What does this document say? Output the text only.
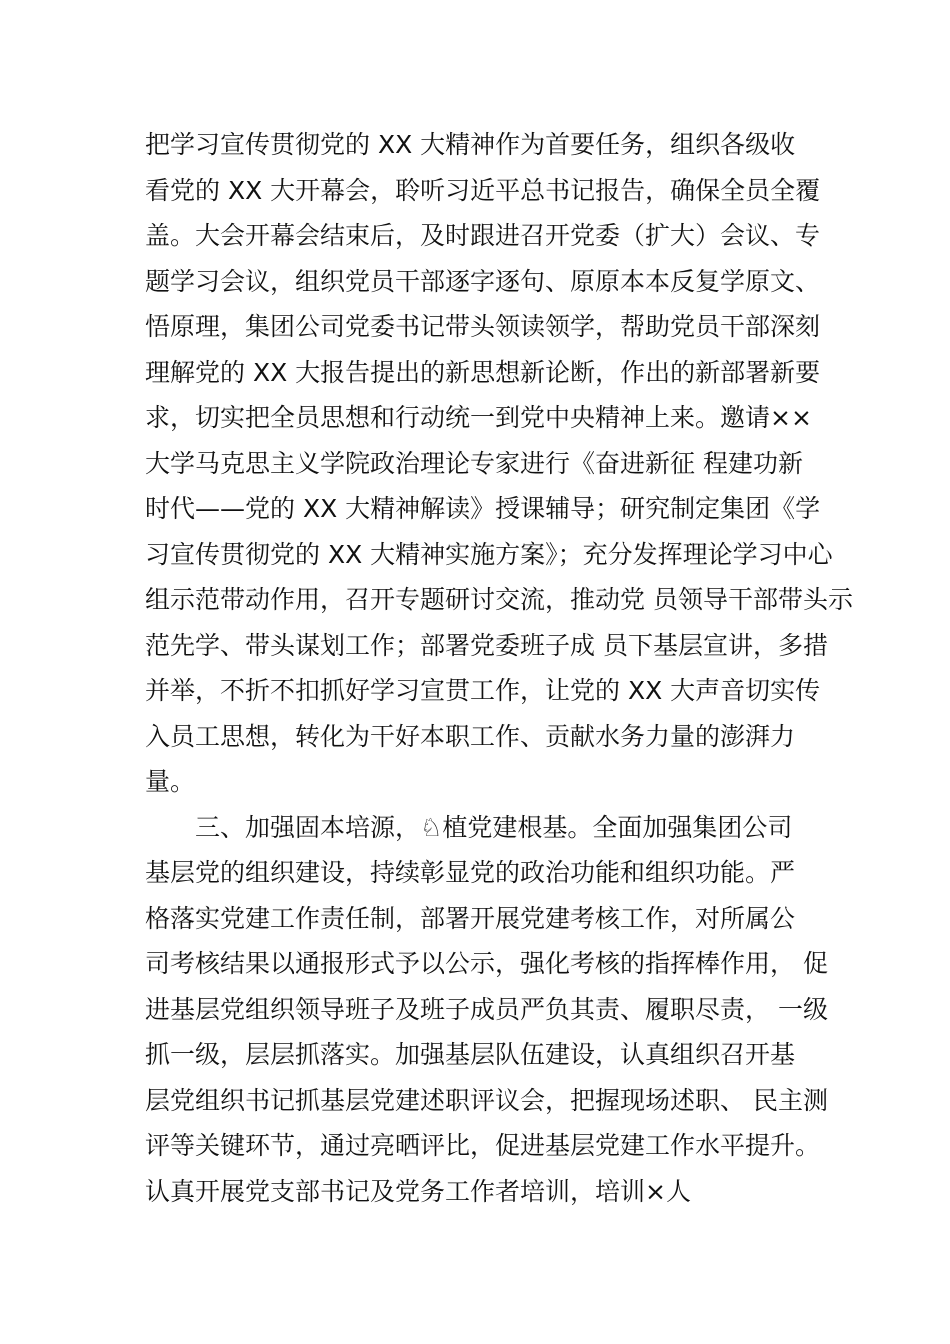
把学习宣传贯彻党的 XX 大精神作为首要任务，组织各级收
看党的 XX 大开幕会，聆听习近平总书记报告，确保全员全覆
盖。大会开幕会结束后，及时跟进召开党委（扩大）会议、专
题学习会议，组织党员干部逐字逐句、原原本本反复学原文、
悟原理，集团公司党委书记带头领读领学，帮助党员干部深刻
理解党的 XX 大报告提出的新思想新论断，作出的新部署新要
求，切实把全员思想和行动统一到党中央精神上来。邀请××
大学马克思主义学院政治理论专家进行《奋进新征 程建功新
时代——党的 XX 大精神解读》授课辅导；研究制定集团《学
习宣传贯彻党的 XX 大精神实施方案》；充分发挥理论学习中心
组示范带动作用，召开专题研讨交流，推动党 员领导干部带头示
范先学、带头谋划工作；部署党委班子成 员下基层宣讲，多措
并举，不折不扣抓好学习宣贯工作，让党的 XX 大声音切实传
入员工思想，转化为干好本职工作、贡献水务力量的澎湃力
量。
三、加强固本培源，♘植党建根基。全面加强集团公司
基层党的组织建设，持续彰显党的政治功能和组织功能。严
格落实党建工作责任制，部署开展党建考核工作，对所属公
司考核结果以通报形式予以公示，强化考核的指挥棒作用， 促
进基层党组织领导班子及班子成员严负其责、履职尽责， 一级
抓一级，层层抓落实。加强基层队伍建设，认真组织召开基
层党组织书记抓基层党建述职评议会，把握现场述职、 民主测
评等关键环节，通过亮晒评比，促进基层党建工作水平提升。
认真开展党支部书记及党务工作者培训，培训×人
